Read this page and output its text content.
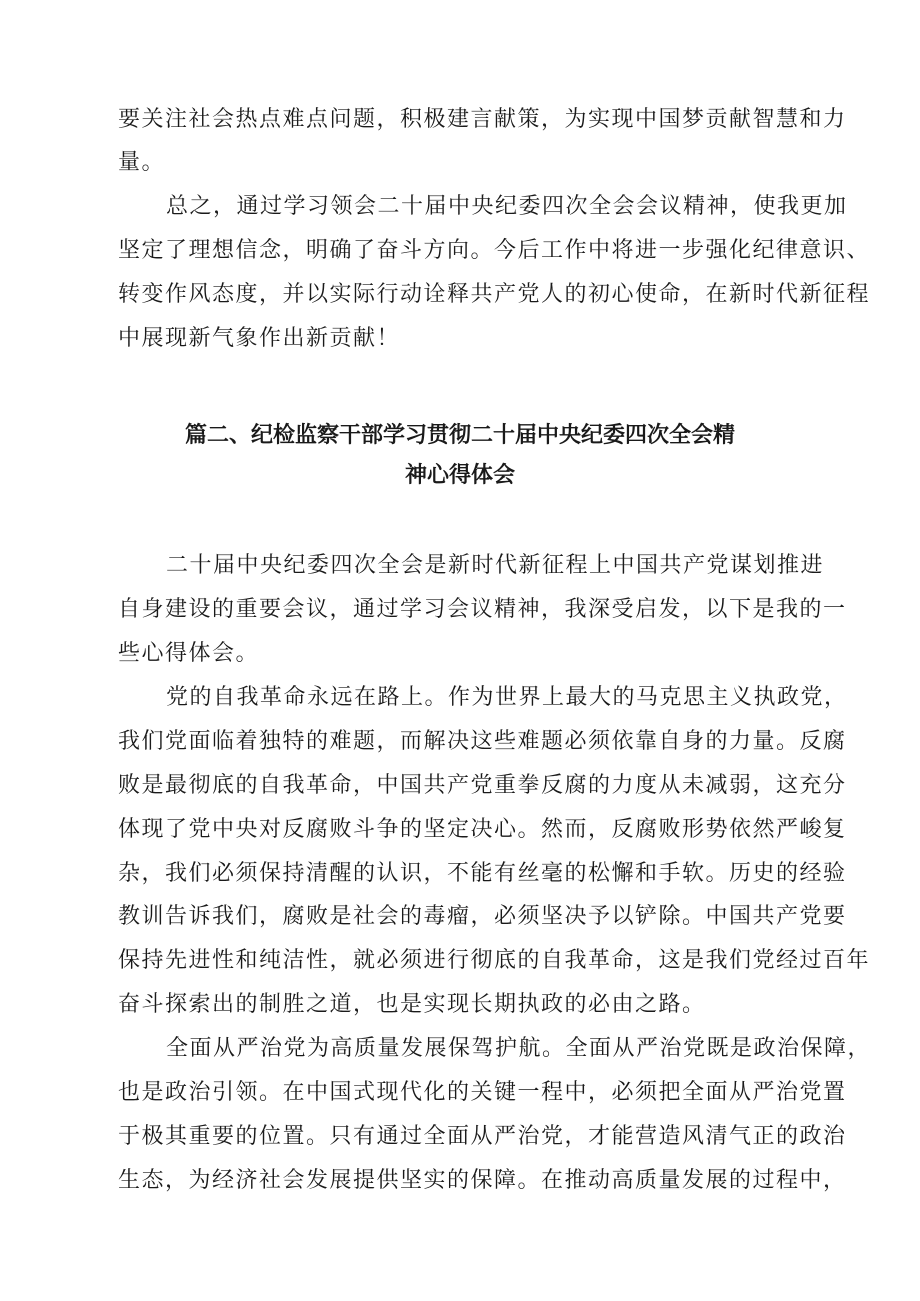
要关注社会热点难点问题，积极建言献策，为实现中国梦贡献智慧和力

量。

总之，通过学习领会二十届中央纪委四次全会会议精神，使我更加

坚定了理想信念，明确了奋斗方向。今后工作中将进一步强化纪律意识、

转变作风态度，并以实际行动诠释共产党人的初心使命，在新时代新征程

中展现新气象作出新贡献！

篇二、纪检监察干部学习贯彻二十届中央纪委四次全会精
神心得体会

二十届中央纪委四次全会是新时代新征程上中国共产党谋划推进

自身建设的重要会议，通过学习会议精神，我深受启发，以下是我的一

些心得体会。

党的自我革命永远在路上。作为世界上最大的马克思主义执政党，

我们党面临着独特的难题，而解决这些难题必须依靠自身的力量。反腐

败是最彻底的自我革命，中国共产党重拳反腐的力度从未减弱，这充分

体现了党中央对反腐败斗争的坚定决心。然而，反腐败形势依然严峻复

杂，我们必须保持清醒的认识，不能有丝毫的松懈和手软。历史的经验

教训告诉我们，腐败是社会的毒瘤，必须坚决予以铲除。中国共产党要

保持先进性和纯洁性，就必须进行彻底的自我革命，这是我们党经过百年

奋斗探索出的制胜之道，也是实现长期执政的必由之路。

全面从严治党为高质量发展保驾护航。全面从严治党既是政治保障，

也是政治引领。在中国式现代化的关键一程中，必须把全面从严治党置

于极其重要的位置。只有通过全面从严治党，才能营造风清气正的政治

生态，为经济社会发展提供坚实的保障。在推动高质量发展的过程中，
